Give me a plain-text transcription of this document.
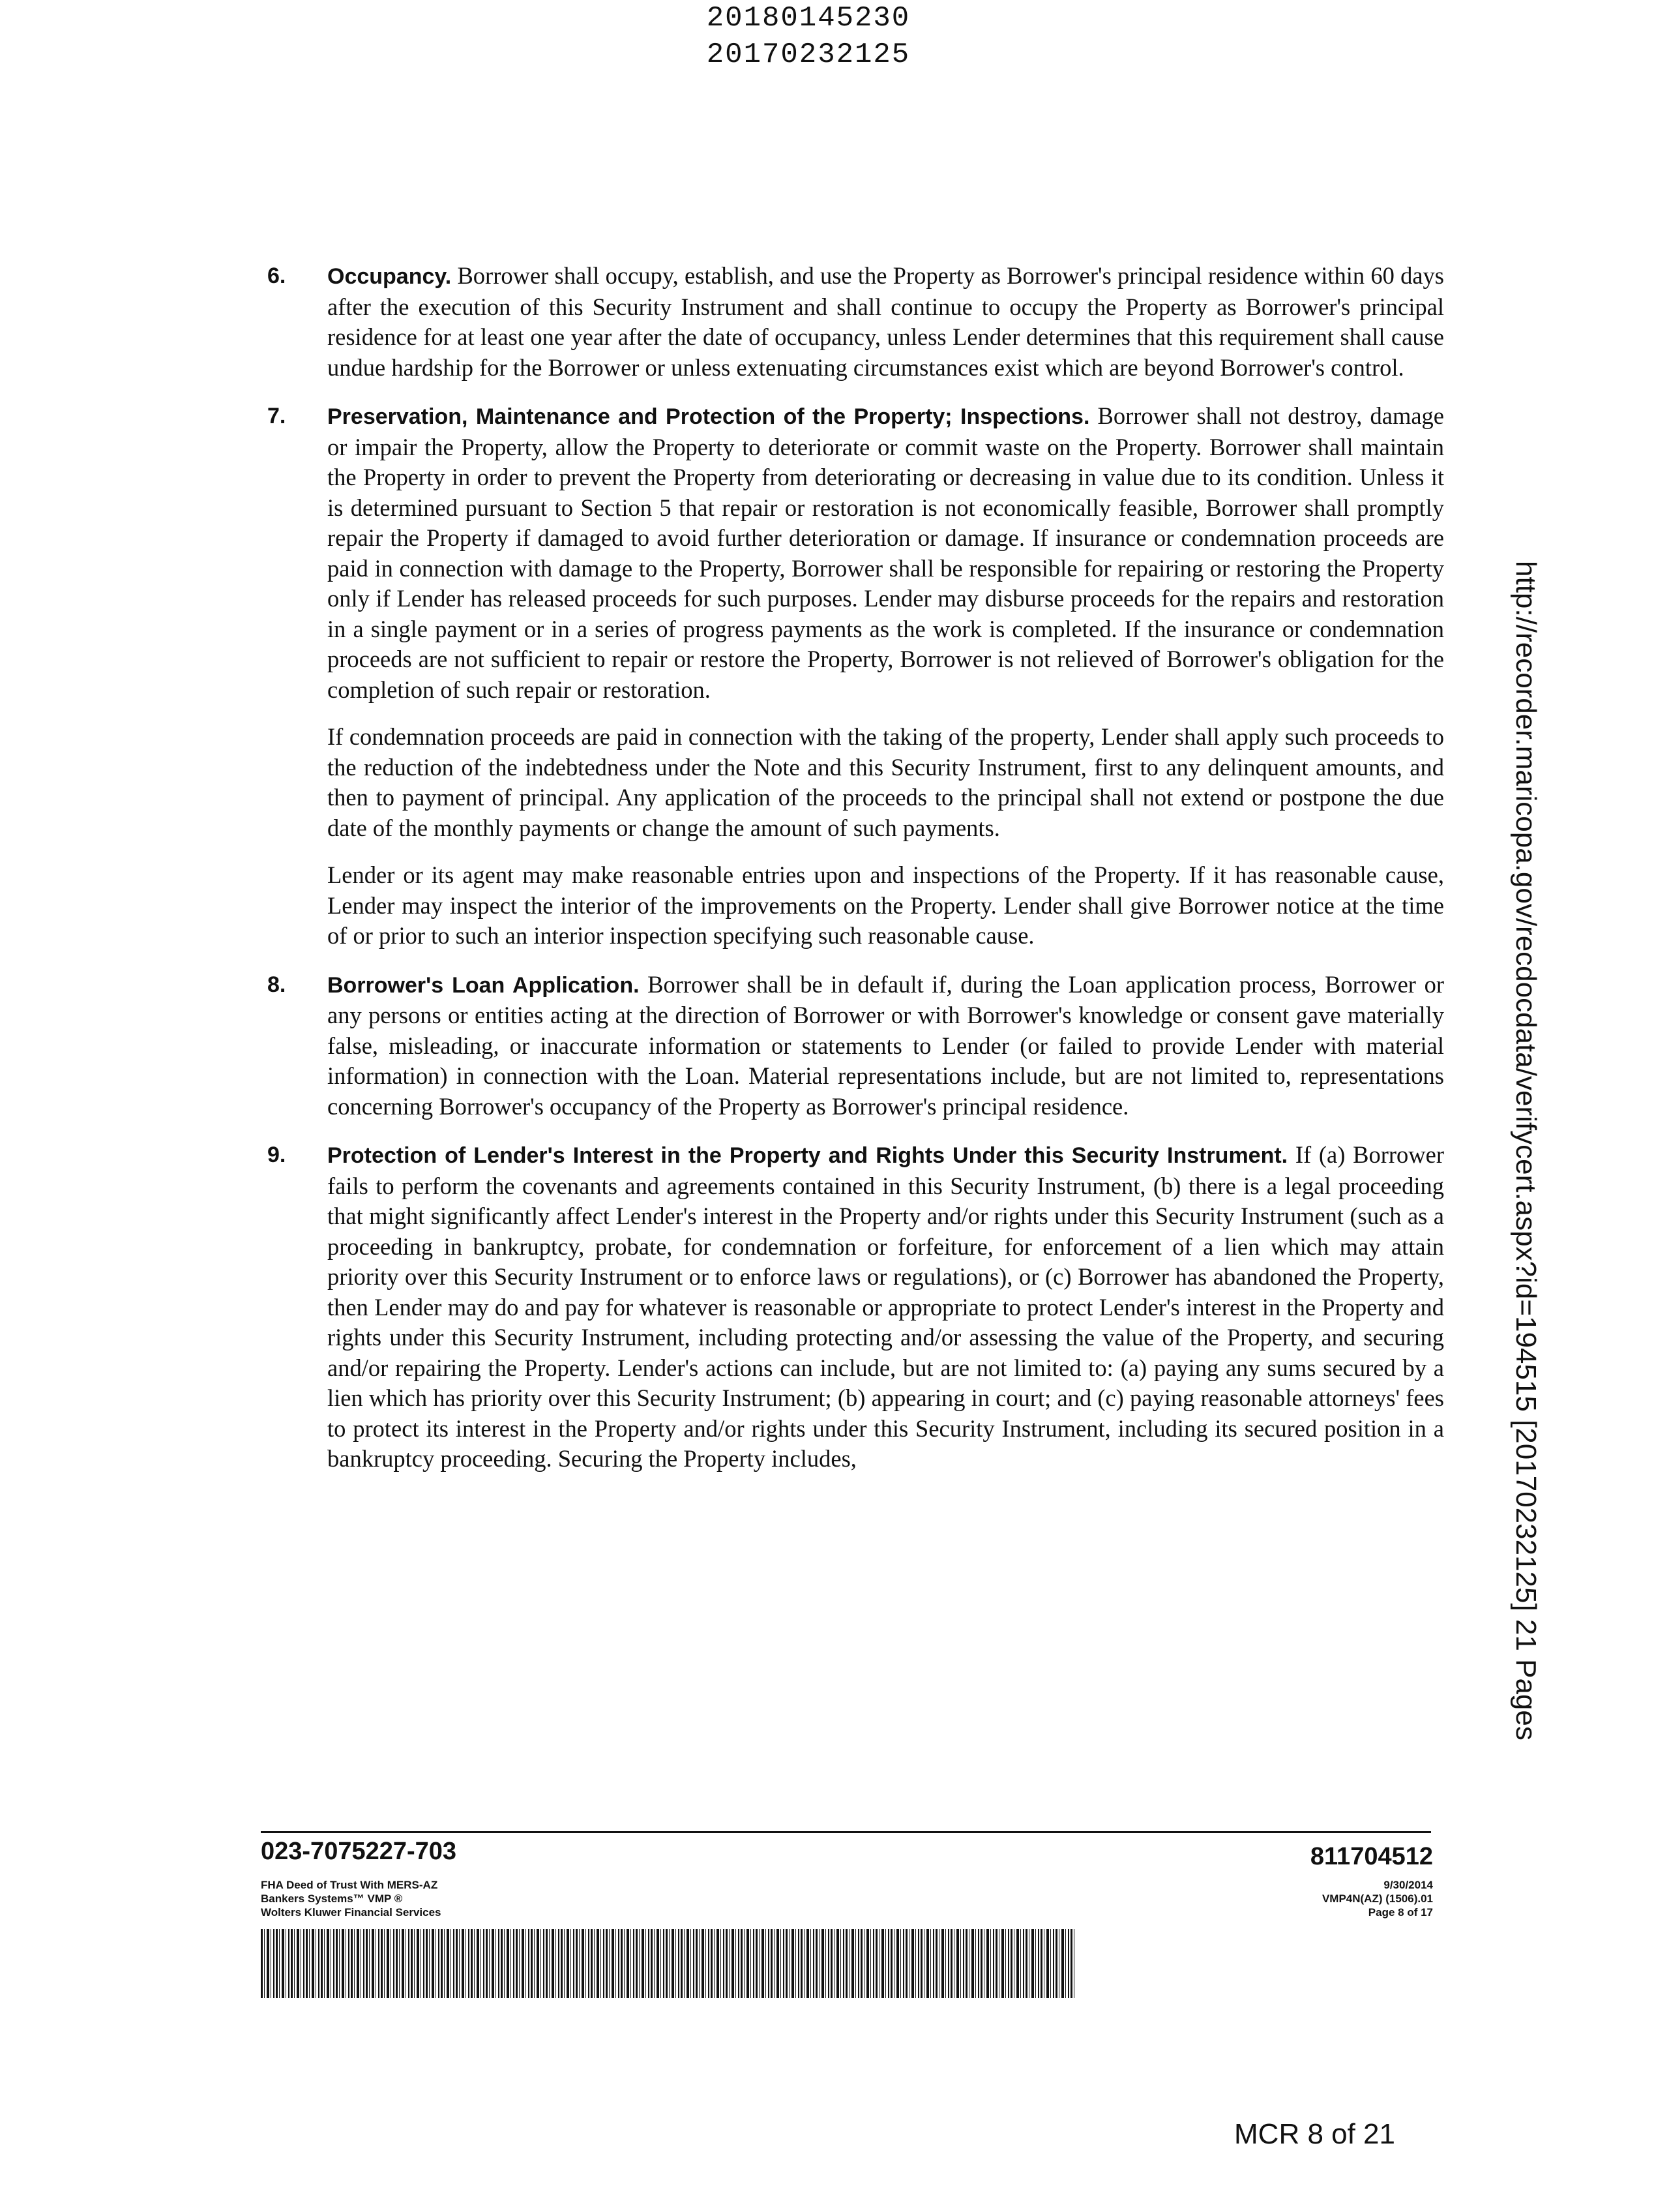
20180145230
20170232125
http://recorder.maricopa.gov/recdocdata/verifycert.aspx?id=194515 [20170232125] 21 Pages
6.	Occupancy. Borrower shall occupy, establish, and use the Property as Borrower's principal residence within 60 days after the execution of this Security Instrument and shall continue to occupy the Property as Borrower's principal residence for at least one year after the date of occupancy, unless Lender determines that this requirement shall cause undue hardship for the Borrower or unless extenuating circumstances exist which are beyond Borrower's control.

7.	Preservation, Maintenance and Protection of the Property; Inspections. Borrower shall not destroy, damage or impair the Property, allow the Property to deteriorate or commit waste on the Property. Borrower shall maintain the Property in order to prevent the Property from deteriorating or decreasing in value due to its condition. Unless it is determined pursuant to Section 5 that repair or restoration is not economically feasible, Borrower shall promptly repair the Property if damaged to avoid further deterioration or damage. If insurance or condemnation proceeds are paid in connection with damage to the Property, Borrower shall be responsible for repairing or restoring the Property only if Lender has released proceeds for such purposes. Lender may disburse proceeds for the repairs and restoration in a single payment or in a series of progress payments as the work is completed. If the insurance or condemnation proceeds are not sufficient to repair or restore the Property, Borrower is not relieved of Borrower's obligation for the completion of such repair or restoration.

If condemnation proceeds are paid in connection with the taking of the property, Lender shall apply such proceeds to the reduction of the indebtedness under the Note and this Security Instrument, first to any delinquent amounts, and then to payment of principal. Any application of the proceeds to the principal shall not extend or postpone the due date of the monthly payments or change the amount of such payments.

Lender or its agent may make reasonable entries upon and inspections of the Property. If it has reasonable cause, Lender may inspect the interior of the improvements on the Property. Lender shall give Borrower notice at the time of or prior to such an interior inspection specifying such reasonable cause.

8.	Borrower's Loan Application. Borrower shall be in default if, during the Loan application process, Borrower or any persons or entities acting at the direction of Borrower or with Borrower's knowledge or consent gave materially false, misleading, or inaccurate information or statements to Lender (or failed to provide Lender with material information) in connection with the Loan. Material representations include, but are not limited to, representations concerning Borrower's occupancy of the Property as Borrower's principal residence.

9.	Protection of Lender's Interest in the Property and Rights Under this Security Instrument. If (a) Borrower fails to perform the covenants and agreements contained in this Security Instrument, (b) there is a legal proceeding that might significantly affect Lender's interest in the Property and/or rights under this Security Instrument (such as a proceeding in bankruptcy, probate, for condemnation or forfeiture, for enforcement of a lien which may attain priority over this Security Instrument or to enforce laws or regulations), or (c) Borrower has abandoned the Property, then Lender may do and pay for whatever is reasonable or appropriate to protect Lender's interest in the Property and rights under this Security Instrument, including protecting and/or assessing the value of the Property, and securing and/or repairing the Property. Lender's actions can include, but are not limited to: (a) paying any sums secured by a lien which has priority over this Security Instrument; (b) appearing in court; and (c) paying reasonable attorneys' fees to protect its interest in the Property and/or rights under this Security Instrument, including its secured position in a bankruptcy proceeding. Securing the Property includes,

023-7075227-703	811704512
FHA Deed of Trust With MERS-AZ
Bankers Systems™ VMP ®
Wolters Kluwer Financial Services
9/30/2014
VMP4N(AZ) (1506).01
Page 8 of 17
MCR 8 of 21
